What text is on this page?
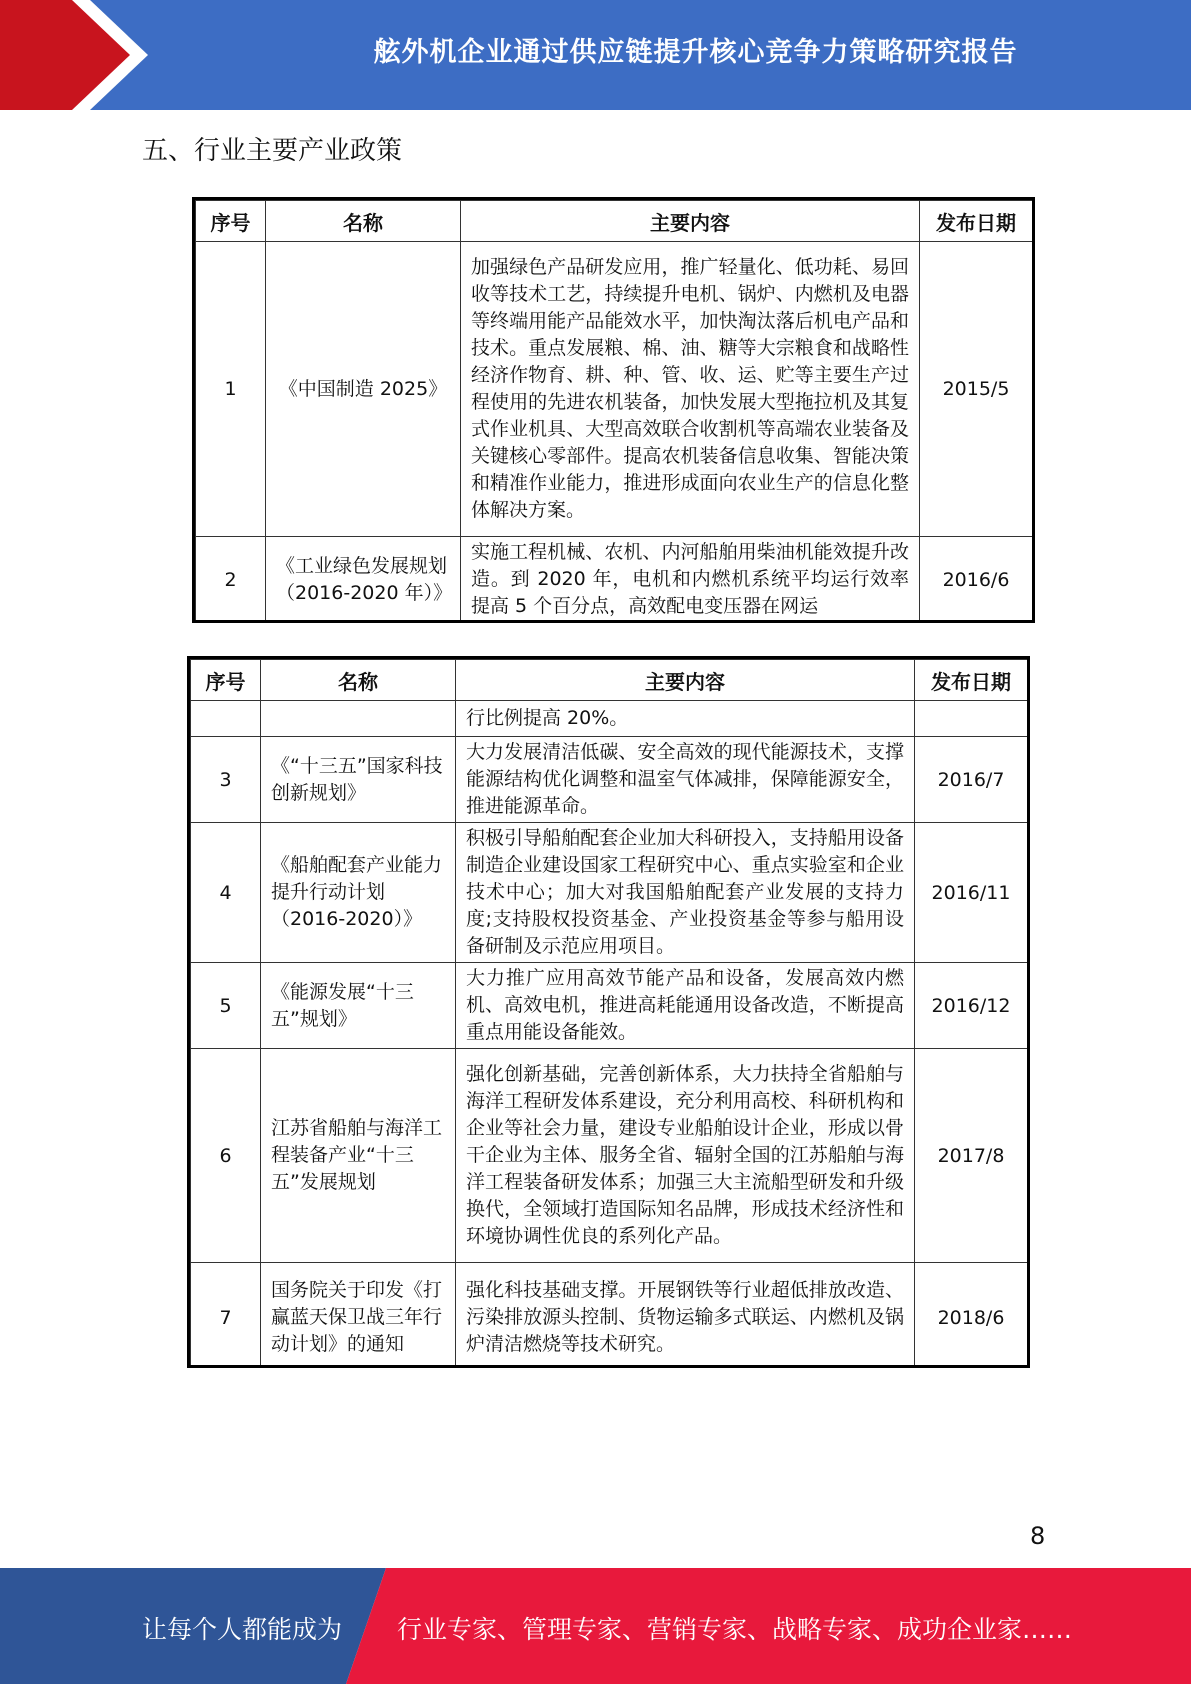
舷外机企业通过供应链提升核心竞争力策略研究报告
五、行业主要产业政策
序号	名称	主要内容	发布日期
1	《中国制造 2025》	加强绿色产品研发应用，推广轻量化、低功耗、易回收等技术工艺，持续提升电机、锅炉、内燃机及电器等终端用能产品能效水平，加快淘汰落后机电产品和技术。重点发展粮、棉、油、糖等大宗粮食和战略性经济作物育、耕、种、管、收、运、贮等主要生产过程使用的先进农机装备，加快发展大型拖拉机及其复式作业机具、大型高效联合收割机等高端农业装备及关键核心零部件。提高农机装备信息收集、智能决策和精准作业能力，推进形成面向农业生产的信息化整体解决方案。	2015/5
2	《工业绿色发展规划（2016-2020 年）》	实施工程机械、农机、内河船舶用柴油机能效提升改造。到 2020 年，电机和内燃机系统平均运行效率提高 5 个百分点，高效配电变压器在网运	2016/6
序号	名称	主要内容	发布日期
		行比例提高 20%。	
3	《“十三五”国家科技创新规划》	大力发展清洁低碳、安全高效的现代能源技术，支撑能源结构优化调整和温室气体减排，保障能源安全，推进能源革命。	2016/7
4	《船舶配套产业能力提升行动计划（2016-2020）》	积极引导船舶配套企业加大科研投入，支持船用设备制造企业建设国家工程研究中心、重点实验室和企业技术中心；加大对我国船舶配套产业发展的支持力度;支持股权投资基金、产业投资基金等参与船用设备研制及示范应用项目。	2016/11
5	《能源发展“十三五”规划》	大力推广应用高效节能产品和设备，发展高效内燃机、高效电机，推进高耗能通用设备改造，不断提高重点用能设备能效。	2016/12
6	江苏省船舶与海洋工程装备产业“十三五”发展规划	强化创新基础，完善创新体系，大力扶持全省船舶与海洋工程研发体系建设，充分利用高校、科研机构和企业等社会力量，建设专业船舶设计企业，形成以骨干企业为主体、服务全省、辐射全国的江苏船舶与海洋工程装备研发体系；加强三大主流船型研发和升级换代，全领域打造国际知名品牌，形成技术经济性和环境协调性优良的系列化产品。	2017/8
7	国务院关于印发《打赢蓝天保卫战三年行动计划》的通知	强化科技基础支撑。开展钢铁等行业超低排放改造、污染排放源头控制、货物运输多式联运、内燃机及锅炉清洁燃烧等技术研究。	2018/6
8
让每个人都能成为 行业专家、管理专家、营销专家、战略专家、成功企业家……
